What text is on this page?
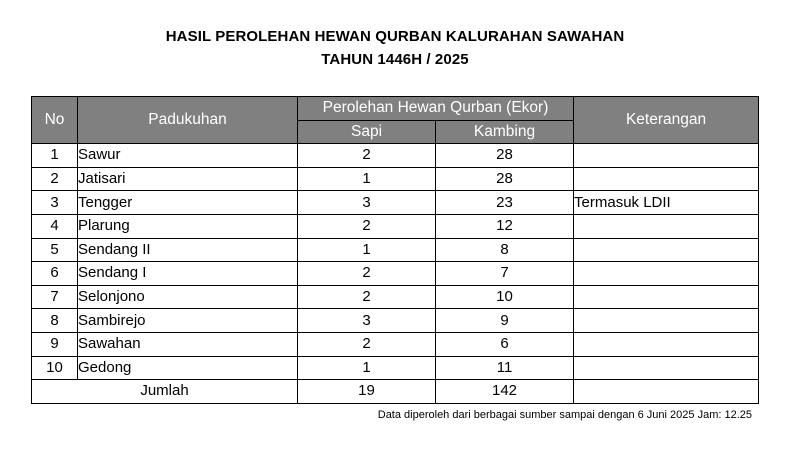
HASIL PEROLEHAN HEWAN QURBAN KALURAHAN SAWAHAN
TAHUN 1446H / 2025
No	Padukuhan	Perolehan Hewan Qurban (Ekor)		Keterangan
		Sapi	Kambing	
1	Sawur	2	28	
2	Jatisari	1	28	
3	Tengger	3	23	Termasuk LDII
4	Plarung	2	12	
5	Sendang II	1	8	
6	Sendang I	2	7	
7	Selonjono	2	10	
8	Sambirejo	3	9	
9	Sawahan	2	6	
10	Gedong	1	11	
Jumlah		19	142	
Data diperoleh dari berbagai sumber sampai dengan 6 Juni 2025 Jam: 12.25
